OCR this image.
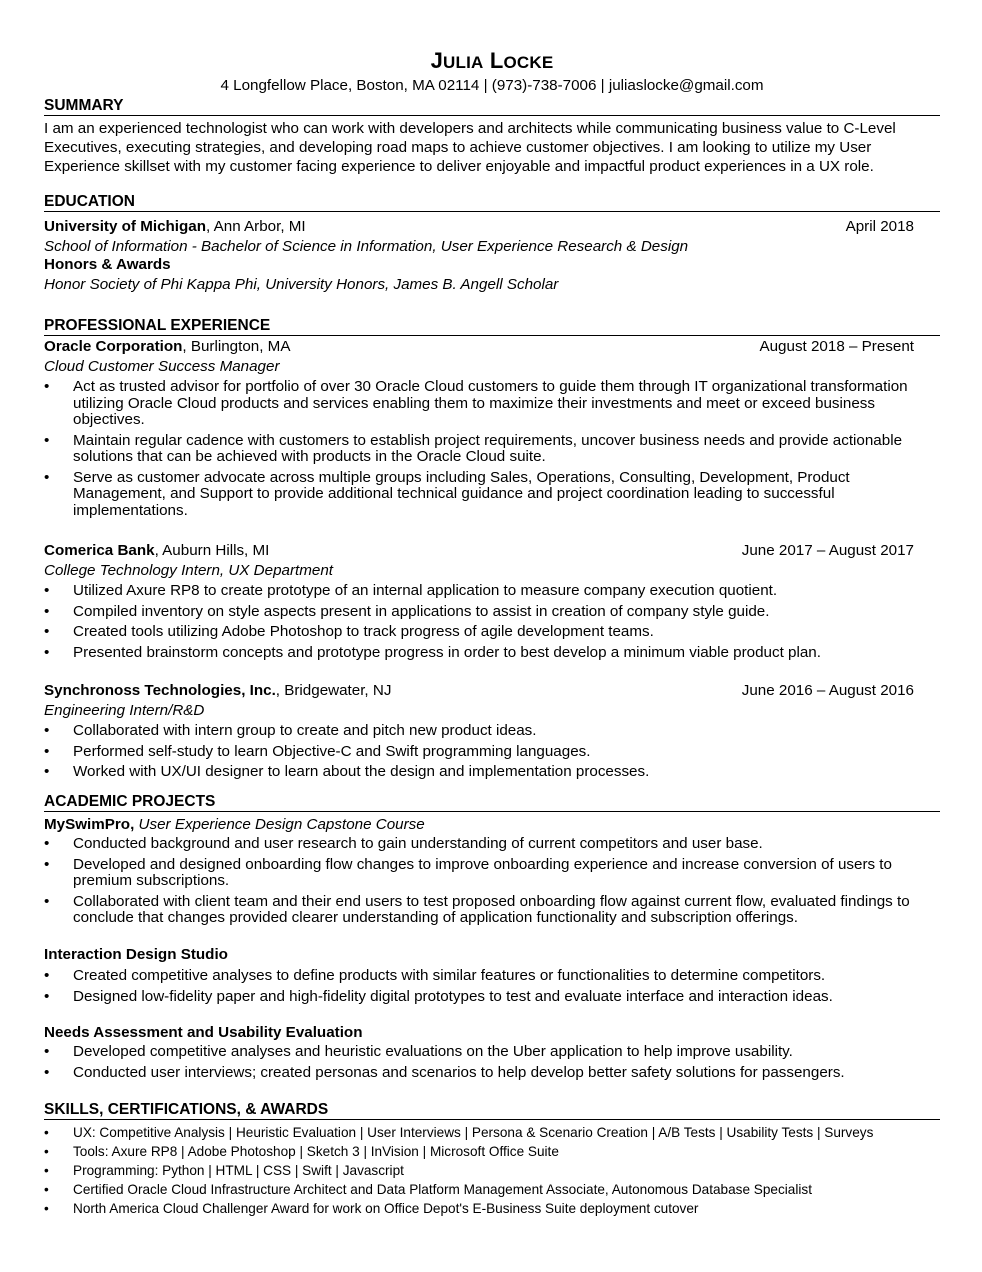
JULIA LOCKE
4 Longfellow Place, Boston, MA 02114 | (973)-738-7006 | juliaslocke@gmail.com
SUMMARY
I am an experienced technologist who can work with developers and architects while communicating business value to C-Level Executives, executing strategies, and developing road maps to achieve customer objectives. I am looking to utilize my User Experience skillset with my customer facing experience to deliver enjoyable and impactful product experiences in a UX role.
EDUCATION
University of Michigan, Ann Arbor, MI	April 2018
School of Information - Bachelor of Science in Information, User Experience Research & Design
Honors & Awards
Honor Society of Phi Kappa Phi, University Honors, James B. Angell Scholar
PROFESSIONAL EXPERIENCE
Oracle Corporation, Burlington, MA	August 2018 – Present
Cloud Customer Success Manager
• Act as trusted advisor for portfolio of over 30 Oracle Cloud customers to guide them through IT organizational transformation utilizing Oracle Cloud products and services enabling them to maximize their investments and meet or exceed business objectives.
• Maintain regular cadence with customers to establish project requirements, uncover business needs and provide actionable solutions that can be achieved with products in the Oracle Cloud suite.
• Serve as customer advocate across multiple groups including Sales, Operations, Consulting, Development, Product Management, and Support to provide additional technical guidance and project coordination leading to successful implementations.
Comerica Bank, Auburn Hills, MI	June 2017 – August 2017
College Technology Intern, UX Department
• Utilized Axure RP8 to create prototype of an internal application to measure company execution quotient.
• Compiled inventory on style aspects present in applications to assist in creation of company style guide.
• Created tools utilizing Adobe Photoshop to track progress of agile development teams.
• Presented brainstorm concepts and prototype progress in order to best develop a minimum viable product plan.
Synchronoss Technologies, Inc., Bridgewater, NJ	June 2016 – August 2016
Engineering Intern/R&D
• Collaborated with intern group to create and pitch new product ideas.
• Performed self-study to learn Objective-C and Swift programming languages.
• Worked with UX/UI designer to learn about the design and implementation processes.
ACADEMIC PROJECTS
MySwimPro, User Experience Design Capstone Course
• Conducted background and user research to gain understanding of current competitors and user base.
• Developed and designed onboarding flow changes to improve onboarding experience and increase conversion of users to premium subscriptions.
• Collaborated with client team and their end users to test proposed onboarding flow against current flow, evaluated findings to conclude that changes provided clearer understanding of application functionality and subscription offerings.
Interaction Design Studio
• Created competitive analyses to define products with similar features or functionalities to determine competitors.
• Designed low-fidelity paper and high-fidelity digital prototypes to test and evaluate interface and interaction ideas.
Needs Assessment and Usability Evaluation
• Developed competitive analyses and heuristic evaluations on the Uber application to help improve usability.
• Conducted user interviews; created personas and scenarios to help develop better safety solutions for passengers.
SKILLS, CERTIFICATIONS, & AWARDS
• UX: Competitive Analysis | Heuristic Evaluation | User Interviews | Persona & Scenario Creation | A/B Tests | Usability Tests | Surveys
• Tools: Axure RP8 | Adobe Photoshop | Sketch 3 | InVision | Microsoft Office Suite
• Programming: Python | HTML | CSS | Swift | Javascript
• Certified Oracle Cloud Infrastructure Architect and Data Platform Management Associate, Autonomous Database Specialist
• North America Cloud Challenger Award for work on Office Depot's E-Business Suite deployment cutover
